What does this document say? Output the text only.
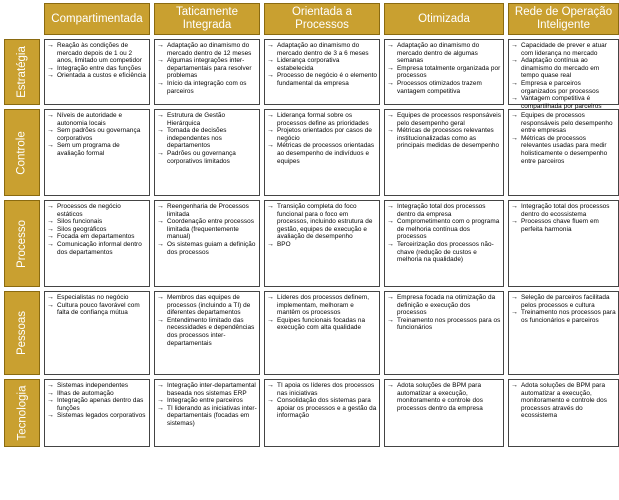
Compartimentada
Taticamente Integrada
Orientada a Processos
Otimizada
Rede de Operação Inteligente
Estratégia
→ Reação às condições de mercado depois de 1 ou 2 anos, limitado um competidor
→ Integração entre das funções
→ Orientada a custos e eficiência
→ Adaptação ao dinamismo do mercado dentro de 12 meses
→ Algumas integrações inter-departamentais para resolver problemas
→ Início da integração com os parceiros
→ Adaptação ao dinamismo do mercado dentro de 3 a 6 meses
→ Liderança corporativa estabelecida
→ Processo de negócio é o elemento fundamental da empresa
→ Adaptação ao dinamismo do mercado dentro de algumas semanas
→ Empresa totalmente organizada por processos
→ Processos otimizados trazem vantagem competitiva
→ Capacidade de prever e atuar com liderança no mercado
→ Adaptação contínua ao dinamismo do mercado em tempo quase real
→ Empresa e parceiros organizados por processos
→ Vantagem competitiva é compartilhada por parceiros
Controle
→ Níveis de autoridade e autonomia locais
→ Sem padrões ou governança corporativos
→ Sem um programa de avaliação formal
→ Estrutura de Gestão Hierárquica
→ Tomada de decisões independentes nos departamentos
→ Padrões ou governança corporativos limitados
→ Liderança formal sobre os processos define as prioridades
→ Projetos orientados por casos de negócio
→ Métricas de processos orientadas ao desempenho de indivíduos e equipes
→ Equipes de processos responsáveis pelo desempenho geral
→ Métricas de processos relevantes institucionalizadas como as principais medidas de desempenho
→ Equipes de processos responsáveis pelo desempenho entre empresas
→ Métricas de processos relevantes usadas para medir holisticamente o desempenho entre parceiros
Processo
→ Processos de negócio estáticos
→ Silos funcionais
→ Silos geográficos
→ Focada em departamentos
→ Comunicação informal dentro dos departamentos
→ Reengenharia de Processos limitada
→ Coordenação entre processos limitada (frequentemente manual)
→ Os sistemas guiam a definição dos processos
→ Transição completa do foco funcional para o foco em processos, incluindo estrutura de gestão, equipes de execução e avaliação de desempenho
→ BPO
→ Integração total dos processos dentro da empresa
→ Comprometimento com o programa de melhoria contínua dos processos
→ Terceirização dos processos não-chave (redução de custos e melhoria na qualidade)
→ Integração total dos processos dentro do ecossistema
→ Processos chave fluem em perfeita harmonia
Pessoas
→ Especialistas no negócio
→ Cultura pouco favorável com falta de confiança mútua
→ Membros das equipes de processos (incluindo a TI) de diferentes departamentos
→ Entendimento limitado das necessidades e dependências dos processos inter-departamentais
→ Líderes dos processos definem, implementam, melhoram e mantêm os processos
→ Equipes funcionais focadas na execução com alta qualidade
→ Empresa focada na otimização da definição e execução dos processos
→ Treinamento nos processos para os funcionários
→ Seleção de parceiros facilitada pelos processos e cultura
→ Treinamento nos processos para os funcionários e parceiros
Tecnologia
→ Sistemas independentes
→ Ilhas de automação
→ Integração apenas dentro das funções
→ Sistemas legados corporativos
→ Integração inter-departamental baseada nos sistemas ERP
→ Integração entre parceiros
→ TI liderando as iniciativas inter-departamentais (focadas em sistemas)
→ TI apoia os líderes dos processos nas iniciativas
→ Consolidação dos sistemas para apoiar os processos e a gestão da informação
→ Adota soluções de BPM para automatizar a execução, monitoramento e controle dos processos dentro da empresa
→ Adota soluções de BPM para automatizar a execução, monitoramento e controle dos processos através do ecossistema
